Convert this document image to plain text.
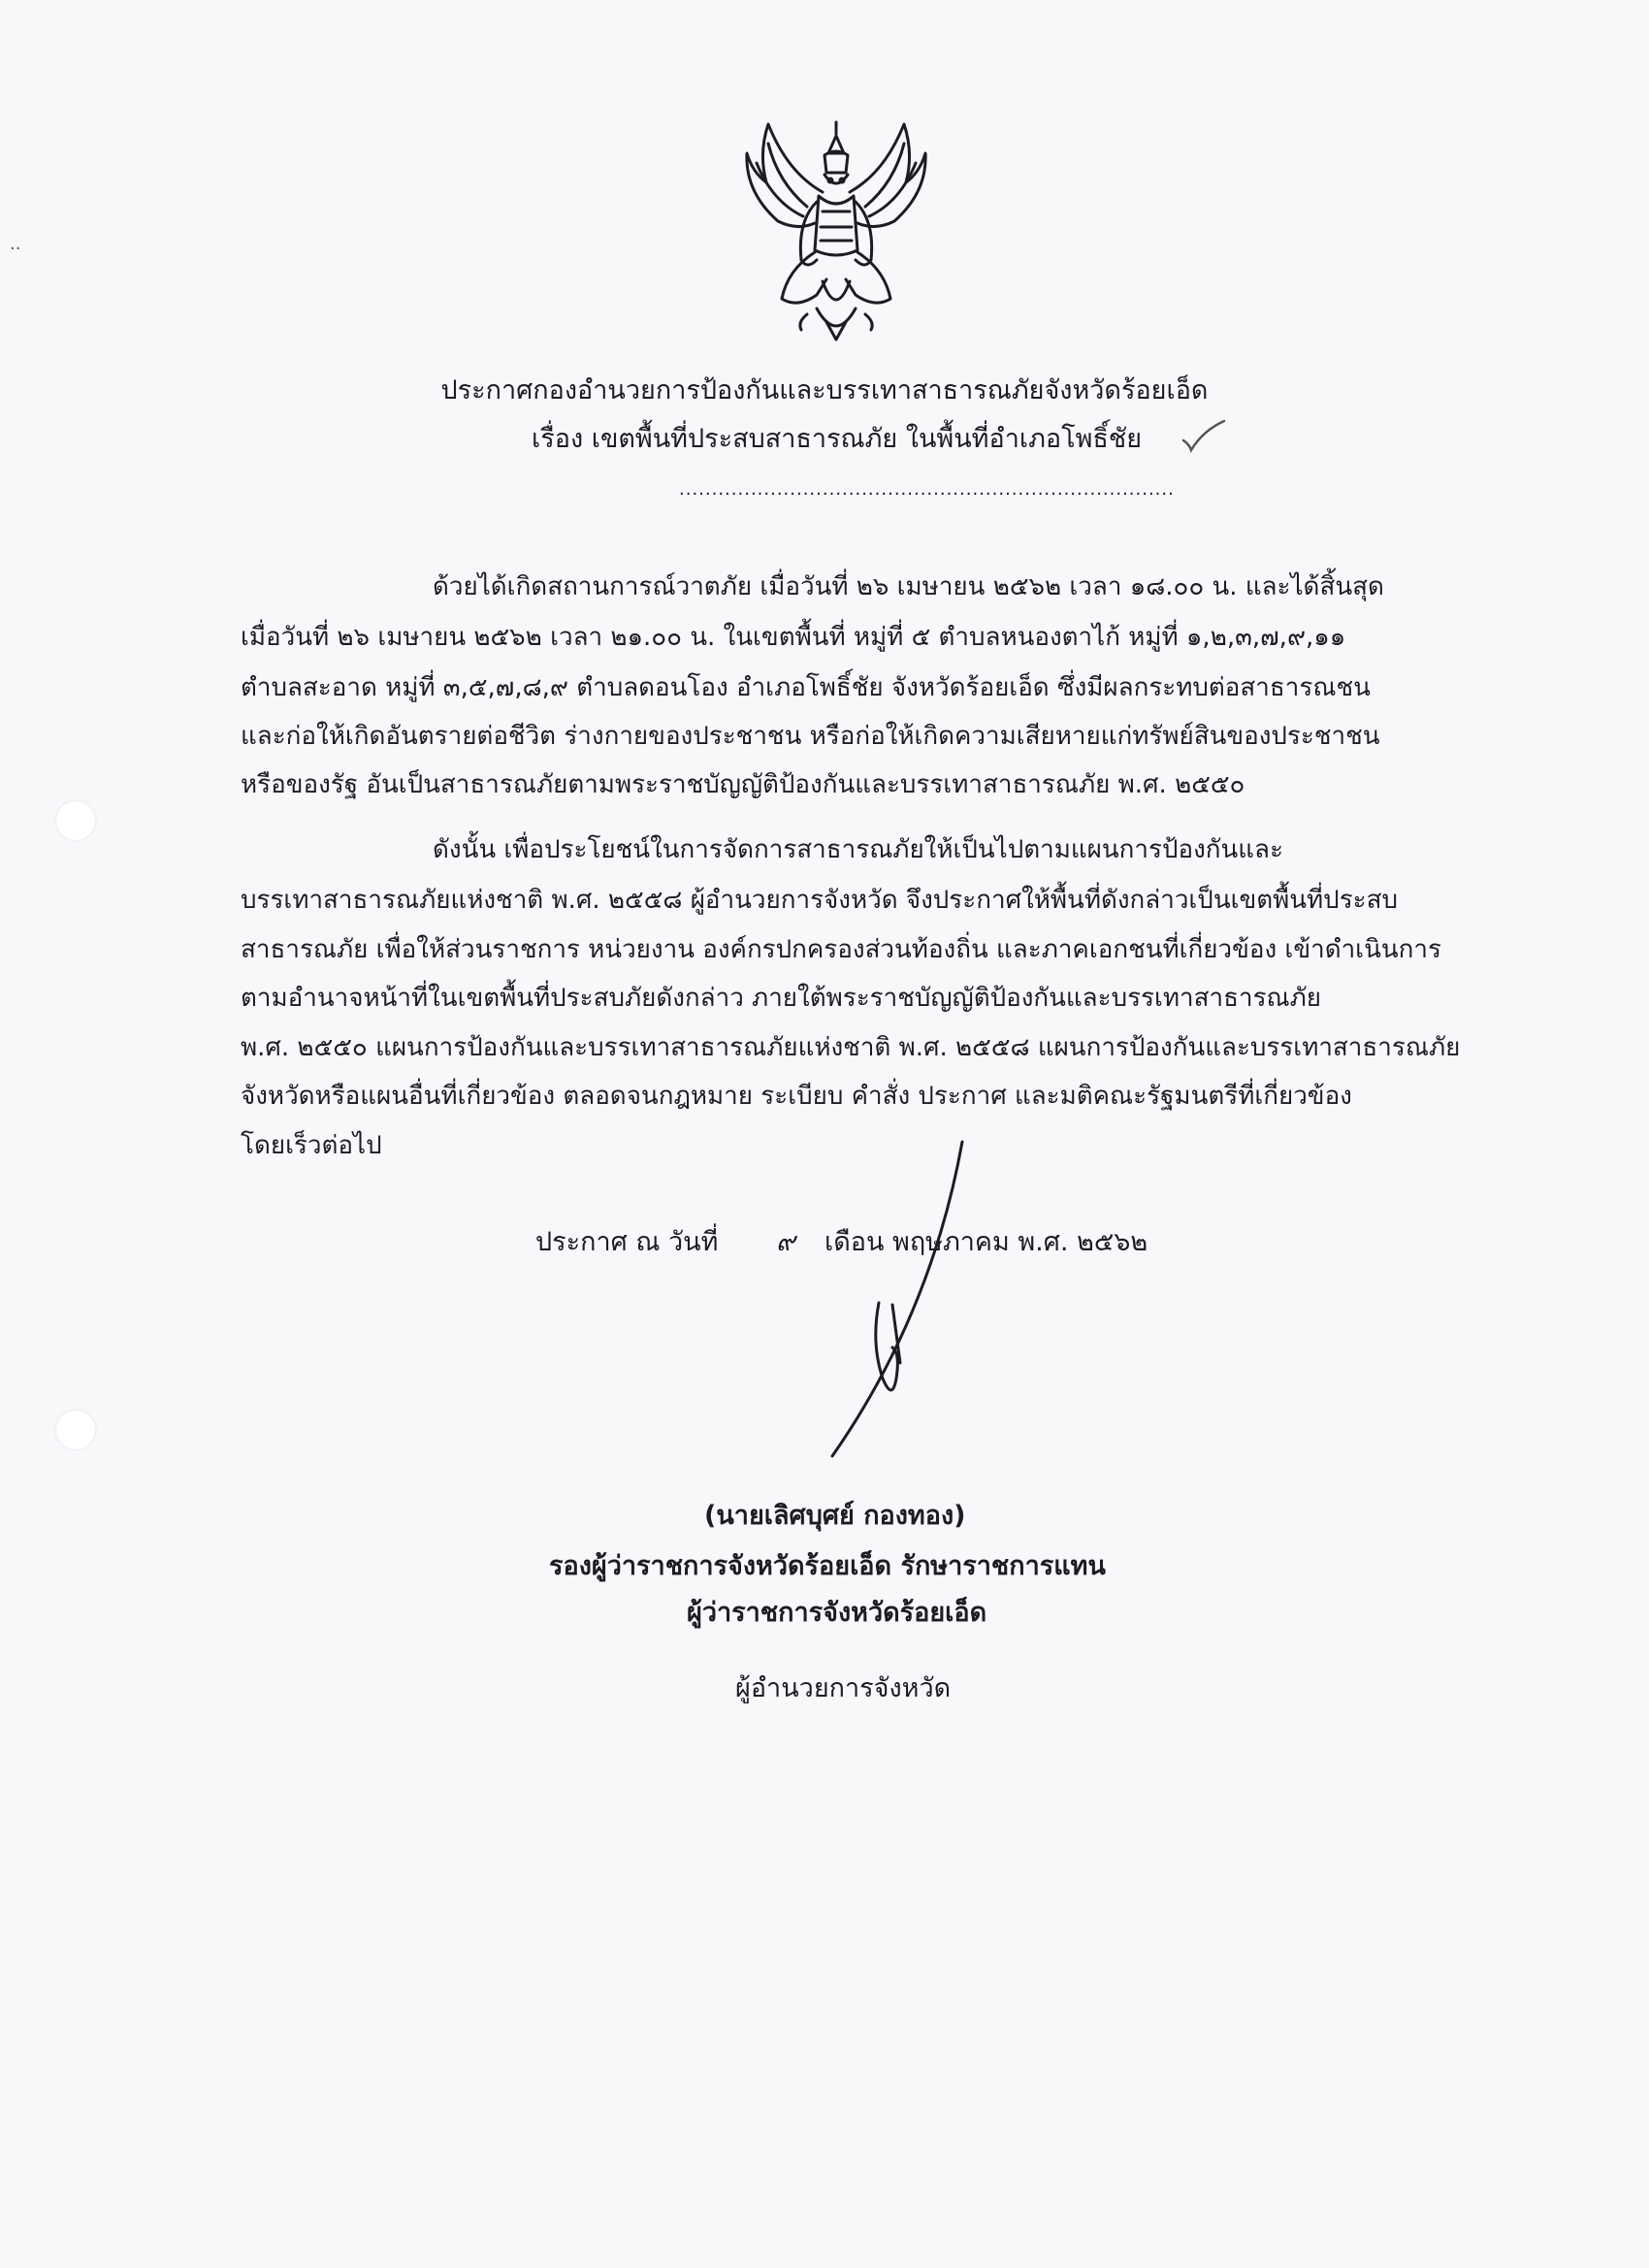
··
ประกาศกองอำนวยการป้องกันและบรรเทาสาธารณภัยจังหวัดร้อยเอ็ด
เรื่อง เขตพื้นที่ประสบสาธารณภัย ในพื้นที่อำเภอโพธิ์ชัย
............................................................................
ด้วยได้เกิดสถานการณ์วาตภัย เมื่อวันที่ ๒๖ เมษายน ๒๕๖๒ เวลา ๑๘.๐๐ น. และได้สิ้นสุด
เมื่อวันที่ ๒๖ เมษายน ๒๕๖๒ เวลา ๒๑.๐๐ น. ในเขตพื้นที่ หมู่ที่ ๕ ตำบลหนองตาไก้ หมู่ที่ ๑,๒,๓,๗,๙,๑๑
ตำบลสะอาด หมู่ที่ ๓,๕,๗,๘,๙ ตำบลดอนโอง อำเภอโพธิ์ชัย จังหวัดร้อยเอ็ด ซึ่งมีผลกระทบต่อสาธารณชน
และก่อให้เกิดอันตรายต่อชีวิต ร่างกายของประชาชน หรือก่อให้เกิดความเสียหายแก่ทรัพย์สินของประชาชน
หรือของรัฐ อันเป็นสาธารณภัยตามพระราชบัญญัติป้องกันและบรรเทาสาธารณภัย พ.ศ. ๒๕๕๐
ดังนั้น เพื่อประโยชน์ในการจัดการสาธารณภัยให้เป็นไปตามแผนการป้องกันและ
บรรเทาสาธารณภัยแห่งชาติ พ.ศ. ๒๕๕๘ ผู้อำนวยการจังหวัด จึงประกาศให้พื้นที่ดังกล่าวเป็นเขตพื้นที่ประสบ
สาธารณภัย เพื่อให้ส่วนราชการ หน่วยงาน องค์กรปกครองส่วนท้องถิ่น และภาคเอกชนที่เกี่ยวข้อง เข้าดำเนินการ
ตามอำนาจหน้าที่ในเขตพื้นที่ประสบภัยดังกล่าว ภายใต้พระราชบัญญัติป้องกันและบรรเทาสาธารณภัย
พ.ศ. ๒๕๕๐ แผนการป้องกันและบรรเทาสาธารณภัยแห่งชาติ พ.ศ. ๒๕๕๘ แผนการป้องกันและบรรเทาสาธารณภัย
จังหวัดหรือแผนอื่นที่เกี่ยวข้อง ตลอดจนกฎหมาย ระเบียบ คำสั่ง ประกาศ และมติคณะรัฐมนตรีที่เกี่ยวข้อง
โดยเร็วต่อไป
ประกาศ ณ วันที่ ๙ เดือน พฤษภาคม พ.ศ. ๒๕๖๒
(นายเลิศบุศย์ กองทอง)
รองผู้ว่าราชการจังหวัดร้อยเอ็ด รักษาราชการแทน
ผู้ว่าราชการจังหวัดร้อยเอ็ด
ผู้อำนวยการจังหวัด
